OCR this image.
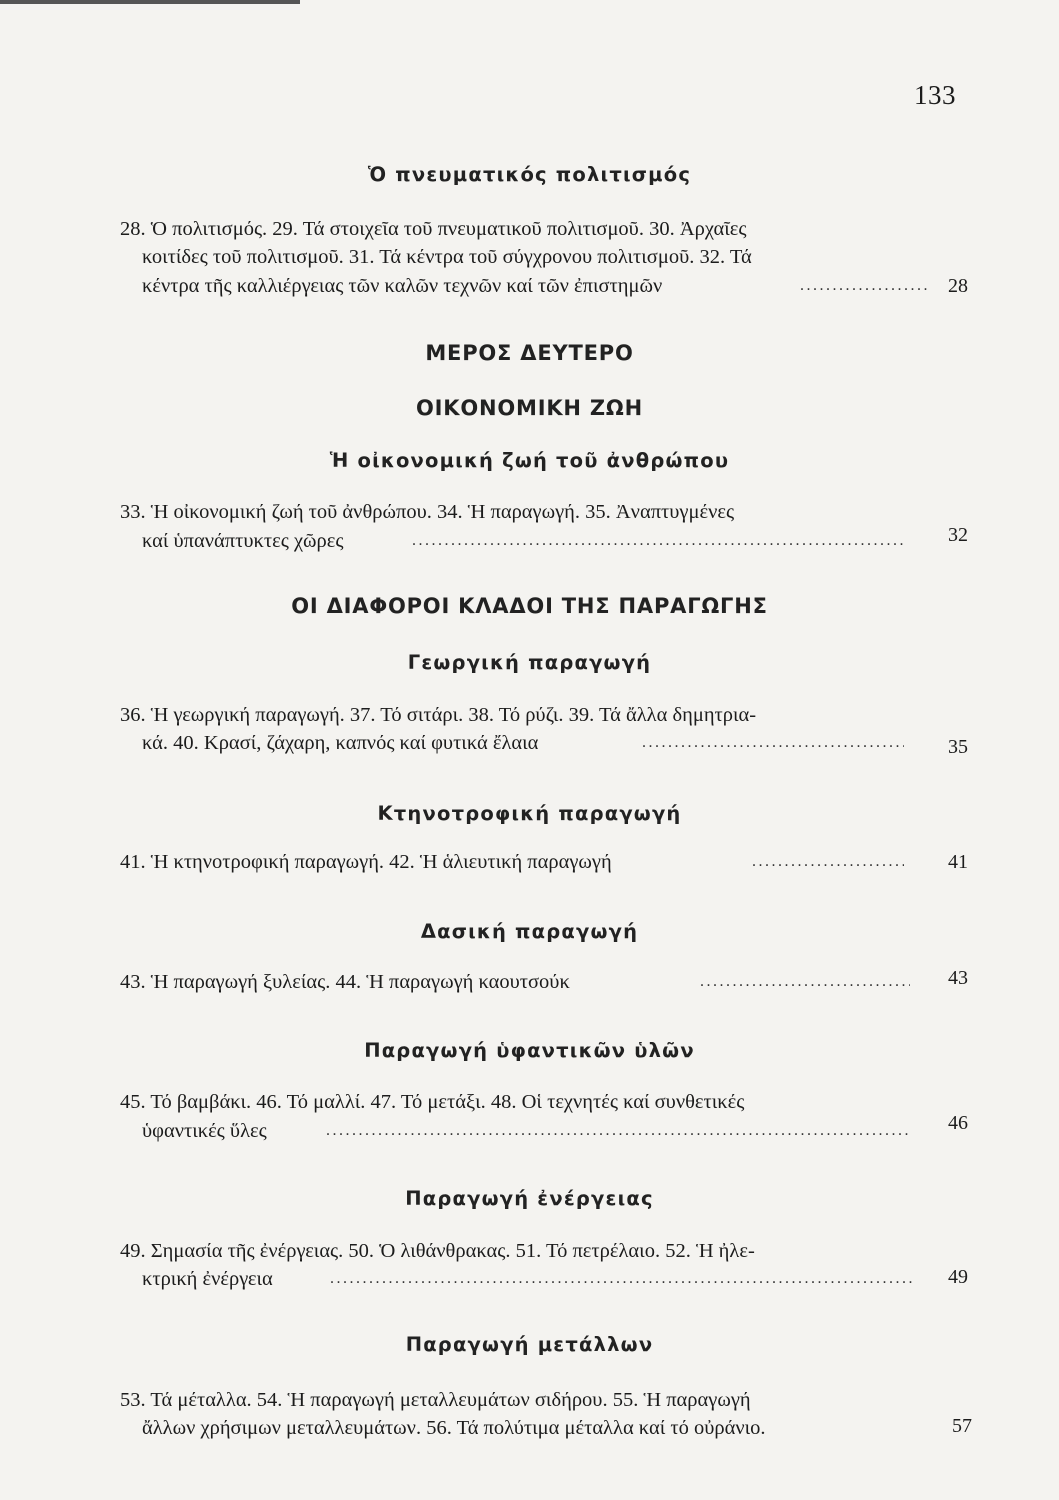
133
Ὁ πνευματικός πολιτισμός
28. Ὁ πολιτισμός. 29. Τά στοιχεῖα τοῦ πνευματικοῦ πολιτισμοῦ. 30. Ἀρχαῖες
κοιτίδες τοῦ πολιτισμοῦ. 31. Τά κέντρα τοῦ σύγχρονου πολιτισμοῦ. 32. Τά
κέντρα τῆς καλλιέργειας τῶν καλῶν τεχνῶν καί τῶν ἐπιστημῶν .....	28
ΜΕΡΟΣ ΔΕΥΤΕΡΟ
ΟΙΚΟΝΟΜΙΚΗ ΖΩΗ
Ἡ οἰκονομική ζωή τοῦ ἀνθρώπου
33. Ἡ οἰκονομική ζωή τοῦ ἀνθρώπου. 34. Ἡ παραγωγή. 35. Ἀναπτυγμένες
καί ὑπανάπτυκτες χῶρες .....	32
ΟΙ ΔΙΑΦΟΡΟΙ ΚΛΑΔΟΙ ΤΗΣ ΠΑΡΑΓΩΓΗΣ
Γεωργική παραγωγή
36. Ἡ γεωργική παραγωγή. 37. Τό σιτάρι. 38. Τό ρύζι. 39. Τά ἄλλα δημητρια-
κά. 40. Κρασί, ζάχαρη, καπνός καί φυτικά ἔλαια .....	35
Κτηνοτροφική παραγωγή
41. Ἡ κτηνοτροφική παραγωγή. 42. Ἡ ἁλιευτική παραγωγή .....	41
Δασική παραγωγή
43. Ἡ παραγωγή ξυλείας. 44. Ἡ παραγωγή καουτσούκ .....	43
Παραγωγή ὑφαντικῶν ὑλῶν
45. Τό βαμβάκι. 46. Τό μαλλί. 47. Τό μετάξι. 48. Οἱ τεχνητές καί συνθετικές
ὑφαντικές ὕλες .....	46
Παραγωγή ἐνέργειας
49. Σημασία τῆς ἐνέργειας. 50. Ὁ λιθάνθρακας. 51. Τό πετρέλαιο. 52. Ἡ ἠλε-
κτρική ἐνέργεια .....	49
Παραγωγή μετάλλων
53. Τά μέταλλα. 54. Ἡ παραγωγή μεταλλευμάτων σιδήρου. 55. Ἡ παραγωγή
ἄλλων χρήσιμων μεταλλευμάτων. 56. Τά πολύτιμα μέταλλα καί τό οὐράνιο.	57
